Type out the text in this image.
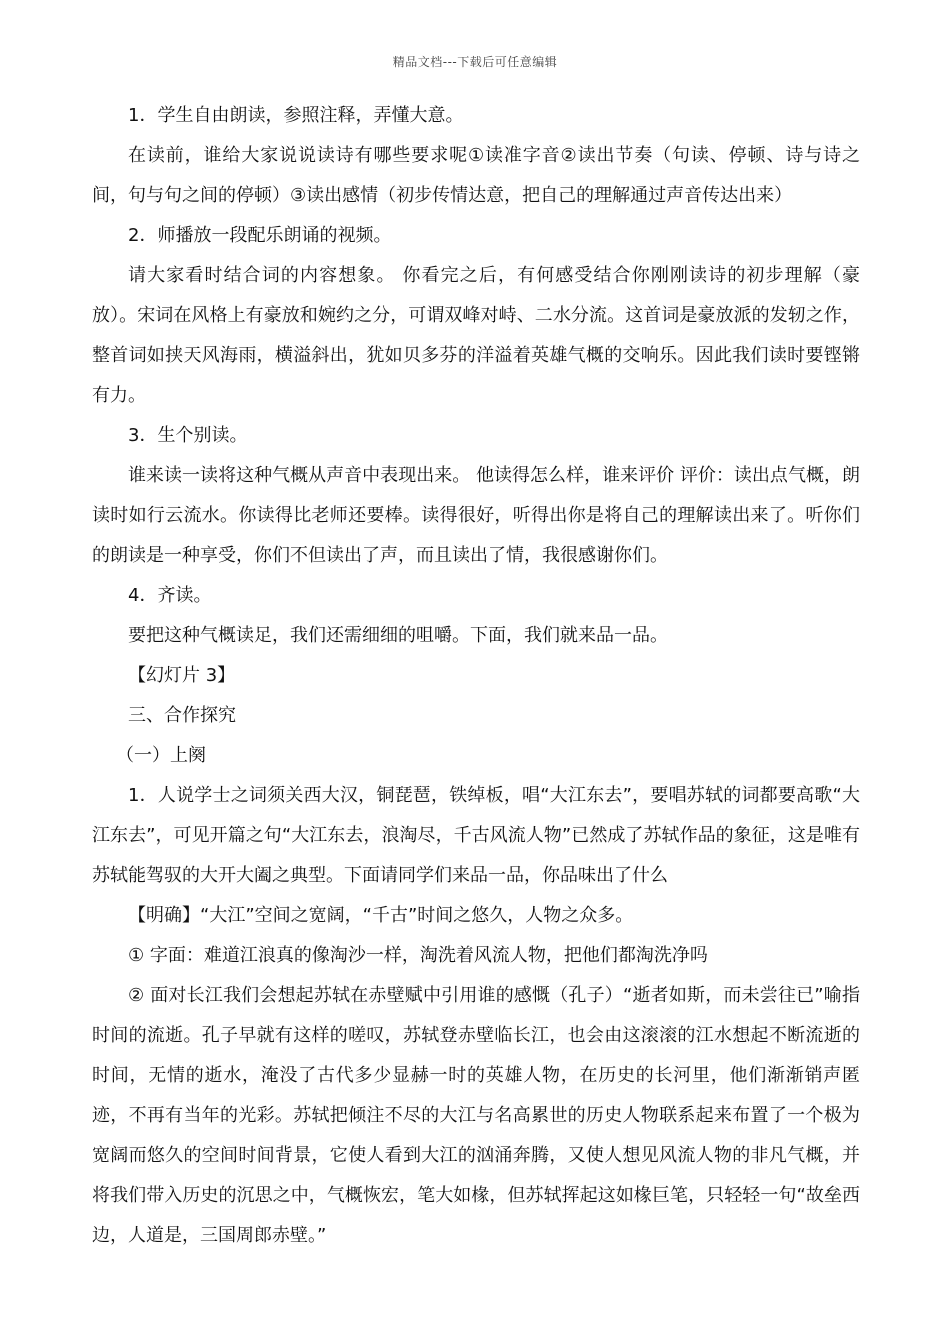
精品文档---下载后可任意编辑

1．学生自由朗读，参照注释，弄懂大意。

在读前，谁给大家说说读诗有哪些要求呢①读准字音②读出节奏（句读、停顿、诗与诗之间，句与句之间的停顿）③读出感情（初步传情达意，把自己的理解通过声音传达出来）

2．师播放一段配乐朗诵的视频。

请大家看时结合词的内容想象。 你看完之后，有何感受结合你刚刚读诗的初步理解（豪放）。宋词在风格上有豪放和婉约之分，可谓双峰对峙、二水分流。这首词是豪放派的发轫之作，整首词如挟天风海雨，横溢斜出，犹如贝多芬的洋溢着英雄气概的交响乐。因此我们读时要铿锵有力。

3．生个别读。

谁来读一读将这种气概从声音中表现出来。 他读得怎么样，谁来评价 评价：读出点气概，朗读时如行云流水。你读得比老师还要棒。读得很好，听得出你是将自己的理解读出来了。听你们的朗读是一种享受，你们不但读出了声，而且读出了情，我很感谢你们。

4．齐读。

要把这种气概读足，我们还需细细的咀嚼。下面，我们就来品一品。

【幻灯片 3】

三、合作探究

（一）上阕

1．人说学士之词须关西大汉，铜琵琶，铁绰板，唱“大江东去”，要唱苏轼的词都要高歌“大江东去”，可见开篇之句“大江东去，浪淘尽，千古风流人物”已然成了苏轼作品的象征，这是唯有苏轼能驾驭的大开大阖之典型。下面请同学们来品一品，你品味出了什么

【明确】“大江”空间之宽阔，“千古”时间之悠久，人物之众多。

① 字面：难道江浪真的像淘沙一样，淘洗着风流人物，把他们都淘洗净吗

② 面对长江我们会想起苏轼在赤壁赋中引用谁的感慨（孔子）“逝者如斯，而未尝往已”喻指时间的流逝。孔子早就有这样的嗟叹，苏轼登赤壁临长江，也会由这滚滚的江水想起不断流逝的时间，无情的逝水，淹没了古代多少显赫一时的英雄人物，在历史的长河里，他们渐渐销声匿迹，不再有当年的光彩。苏轼把倾注不尽的大江与名高累世的历史人物联系起来布置了一个极为宽阔而悠久的空间时间背景，它使人看到大江的汹涌奔腾，又使人想见风流人物的非凡气概，并将我们带入历史的沉思之中，气概恢宏，笔大如椽，但苏轼挥起这如椽巨笔，只轻轻一句“故垒西边，人道是，三国周郎赤壁。”
